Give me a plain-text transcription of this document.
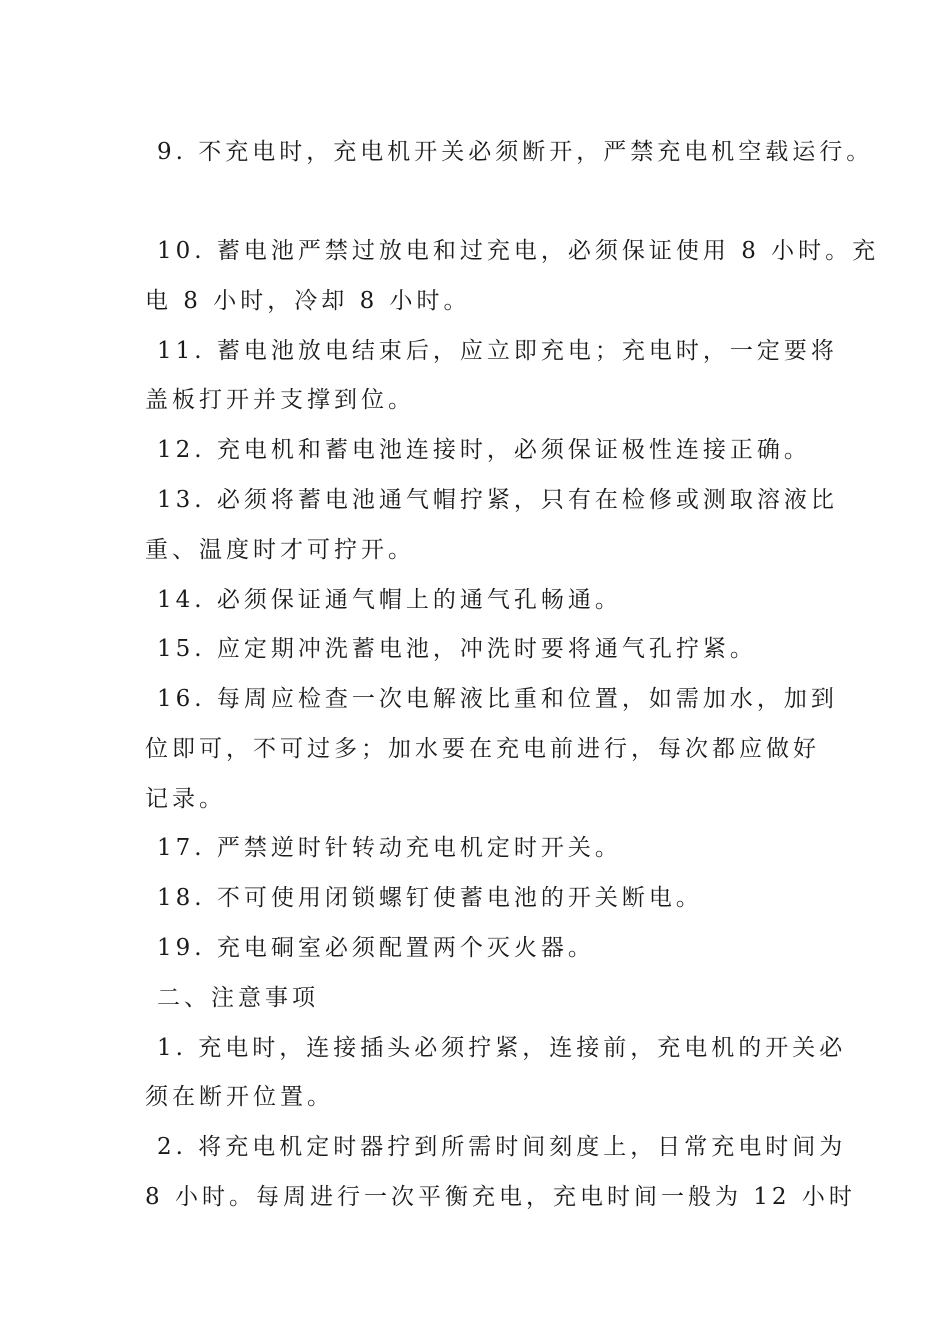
9. 不充电时，充电机开关必须断开，严禁充电机空载运行。
10. 蓄电池严禁过放电和过充电，必须保证使用 8 小时。充
电 8 小时，冷却 8 小时。
11. 蓄电池放电结束后，应立即充电；充电时，一定要将
盖板打开并支撑到位。
12. 充电机和蓄电池连接时，必须保证极性连接正确。
13. 必须将蓄电池通气帽拧紧，只有在检修或测取溶液比
重、温度时才可拧开。
14. 必须保证通气帽上的通气孔畅通。
15. 应定期冲洗蓄电池，冲洗时要将通气孔拧紧。
16. 每周应检查一次电解液比重和位置，如需加水，加到
位即可，不可过多；加水要在充电前进行，每次都应做好
记录。
17. 严禁逆时针转动充电机定时开关。
18. 不可使用闭锁螺钉使蓄电池的开关断电。
19. 充电硐室必须配置两个灭火器。
二、注意事项
1. 充电时，连接插头必须拧紧，连接前，充电机的开关必
须在断开位置。
2. 将充电机定时器拧到所需时间刻度上，日常充电时间为
8 小时。每周进行一次平衡充电，充电时间一般为 12 小时
